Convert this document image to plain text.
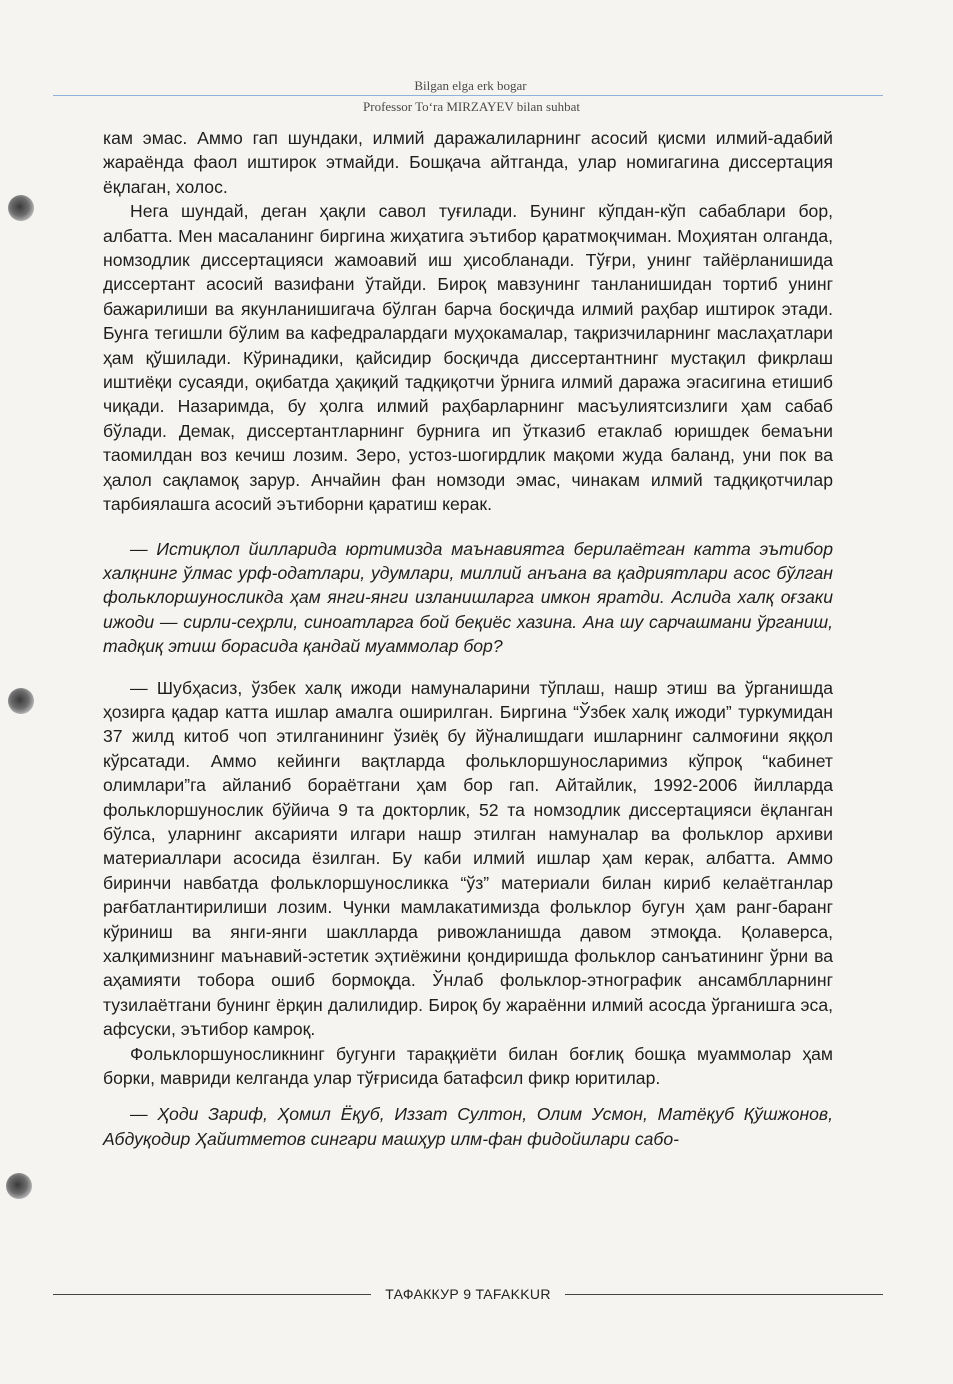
Bilgan elga erk bogar
Professor To‘ra MIRZAYEV bilan suhbat

кам эмас. Аммо гап шундаки, илмий даражалиларнинг асосий қисми илмий-адабий жараёнда фаол иштирок этмайди. Бошқача айтганда, улар номигагина диссертация ёқлаган, холос.

Нега шундай, деган ҳақли савол туғилади. Бунинг кўпдан-кўп сабаблари бор, албатта. Мен масаланинг биргина жиҳатига эътибор қаратмоқчиман. Моҳиятан олганда, номзодлик диссертацияси жамоавий иш ҳисобланади. Тўғри, унинг тайёрланишида диссертант асосий вазифани ўтайди. Бироқ мавзунинг танланишидан тортиб унинг бажарилиши ва якунланишигача бўлган барча босқичда илмий раҳбар иштирок этади. Бунга тегишли бўлим ва кафедралардаги муҳокамалар, тақризчиларнинг маслаҳатлари ҳам қўшилади. Кўринадики, қайсидир босқичда диссертантнинг мустақил фикрлаш иштиёқи сусаяди, оқибатда ҳақиқий тадқиқотчи ўрнига илмий даража эгасигина етишиб чиқади. Назаримда, бу ҳолга илмий раҳбарларнинг масъулиятсизлиги ҳам сабаб бўлади. Демак, диссертантларнинг бурнига ип ўтказиб етаклаб юришдек бемаъни таомилдан воз кечиш лозим. Зеро, устоз-шогирдлик мақоми жуда баланд, уни пок ва ҳалол сақламоқ зарур. Анчайин фан номзоди эмас, чинакам илмий тадқиқотчилар тарбиялашга асосий эътиборни қаратиш керак.

— Истиқлол йилларида юртимизда маънавиятга берилаётган катта эътибор халқнинг ўлмас урф-одатлари, удумлари, миллий анъана ва қадриятлари асос бўлган фольклоршуносликда ҳам янги-янги изланишларга имкон яратди. Аслида халқ оғзаки ижоди — сирли-сеҳрли, синоатларга бой беқиёс хазина. Ана шу сарчашмани ўрганиш, тадқиқ этиш борасида қандай муаммолар бор?

— Шубҳасиз, ўзбек халқ ижоди намуналарини тўплаш, нашр этиш ва ўрганишда ҳозирга қадар катта ишлар амалга оширилган. Биргина “Ўзбек халқ ижоди” туркумидан 37 жилд китоб чоп этилганининг ўзиёқ бу йўналишдаги ишларнинг салмоғини яққол кўрсатади. Аммо кейинги вақтларда фольклоршуносларимиз кўпроқ “кабинет олимлари”га айланиб бораётгани ҳам бор гап. Айтайлик, 1992-2006 йилларда фольклоршунослик бўйича 9 та докторлик, 52 та номзодлик диссертацияси ёқланган бўлса, уларнинг аксарияти илгари нашр этилган намуналар ва фольклор архиви материаллари асосида ёзилган. Бу каби илмий ишлар ҳам керак, албатта. Аммо биринчи навбатда фольклоршуносликка “ўз” материали билан кириб келаётганлар рағбатлантирилиши лозим. Чунки мамлакатимизда фольклор бугун ҳам ранг-баранг кўриниш ва янги-янги шаклларда ривожланишда давом этмоқда. Қолаверса, халқимизнинг маънавий-эстетик эҳтиёжини қондиришда фольклор санъатининг ўрни ва аҳамияти тобора ошиб бормоқда. Ўнлаб фольклор-этнографик ансамблларнинг тузилаётгани бунинг ёрқин далилидир. Бироқ бу жараённи илмий асосда ўрганишга эса, афсуски, эътибор камроқ.

Фольклоршуносликнинг бугунги тараққиёти билан боғлиқ бошқа муаммолар ҳам борки, мавриди келганда улар тўғрисида батафсил фикр юритилар.

— Ҳоди Зариф, Ҳомил Ёқуб, Иззат Султон, Олим Усмон, Матёқуб Қўшжонов, Абдуқодир Ҳайитметов сингари машҳур илм-фан фидойилари сабо-

ТАФАККУР 9 TAFAKKUR
